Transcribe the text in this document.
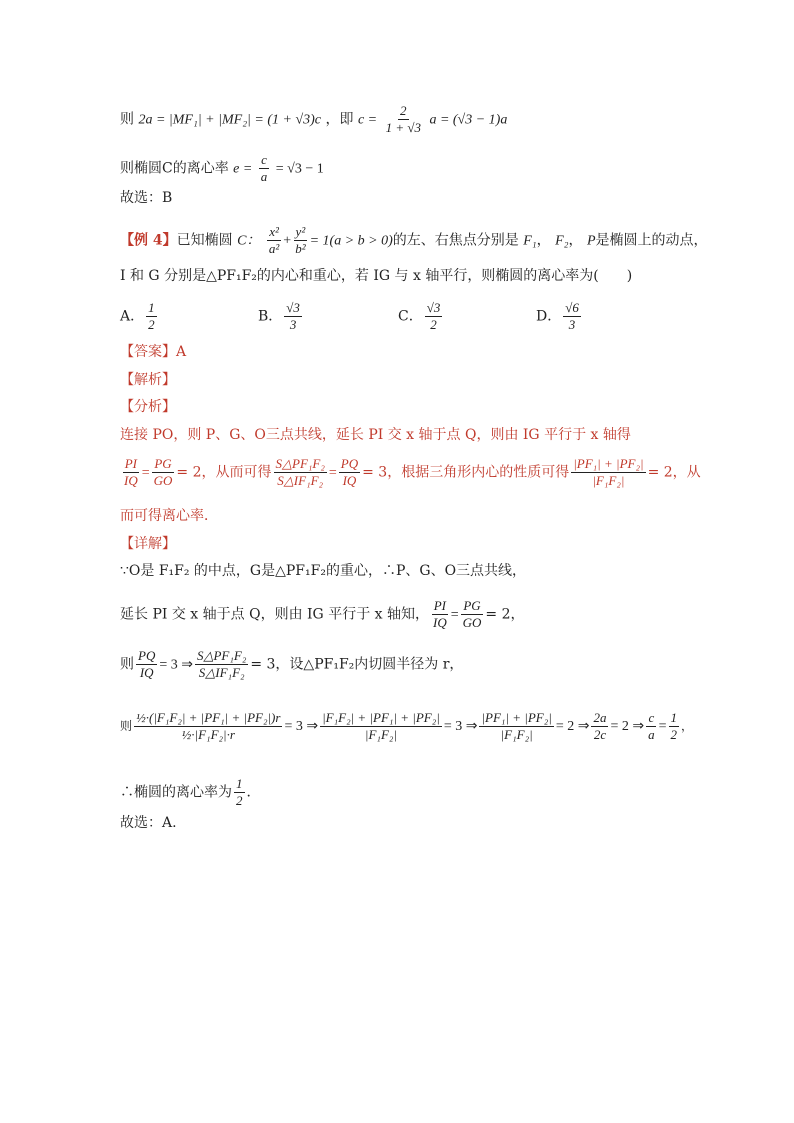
则 2a = |MF₁| + |MF₂| = (1 + √3)c ，即 $c = \frac{2}{1 + √3}$ a = (√3 − 1)a
则椭圆C的离心率 $e = \frac{c}{a} = √3 - 1$
故选：B
【例 4】已知椭圆 C： $\frac{\text{x²}}{\text{a²}} + \frac{\text{y²}}{\text{b²}} = 1(a > b > 0)$的左、右焦点分别是 F₁， F₂， P是椭圆上的动点，
I 和 G 分别是△PF₁F₂的内心和重心，若 IG 与 x 轴平行，则椭圆的离心率为(　　)
A． $\frac{1}{2}$	B． $\frac{√3}{3}$	C． $\frac{√3}{2}$	D． $\frac{√6}{3}$
【答案】A
【解析】
【分析】
连接 PO，则 P、G、O三点共线，延长 PI 交 x 轴于点 Q，则由 IG 平行于 x 轴得
$\frac{PI}{IQ} = \frac{PG}{GO} = 2$，从而可得 $\frac{\text{S△PF₁F₂}}{\text{S△IF₁F₂}} = \frac{PQ}{IQ} = 3$，根据三角形内心的性质可得 $\frac{\text{|PF₁| + |PF₂|}}{\text{|F₁F₂|}} = 2$，从
而可得离心率．
【详解】
∵O是 F₁F₂ 的中点，G是△PF₁F₂的重心，∴P、G、O三点共线，
延长 PI 交 x 轴于点 Q，则由 IG 平行于 x 轴知， $\frac{PI}{IQ} = \frac{PG}{GO} = 2$，
则 $\frac{PQ}{IQ} = 3$ ⇒ $\frac{\text{S△PF₁F₂}}{\text{S△IF₁F₂}} = 3$，设△PF₁F₂内切圆半径为 r，
则 $\frac{\text{½·(|F₁F₂| + |PF₁| + |PF₂|)r}}{\text{½·|F₁F₂|·r}} = 3$ ⇒ $\frac{\text{|F₁F₂| + |PF₁| + |PF₂|}}{\text{|F₁F₂|}} = 3$ ⇒ $\frac{\text{|PF₁| + |PF₂|}}{\text{|F₁F₂|}} = 2$ ⇒ $\frac{2a}{2c} = 2$ ⇒ $\frac{c}{a} = \frac{1}{2}$ ，
∴椭圆的离心率为 $\frac{1}{2}$ ．
故选：A.
